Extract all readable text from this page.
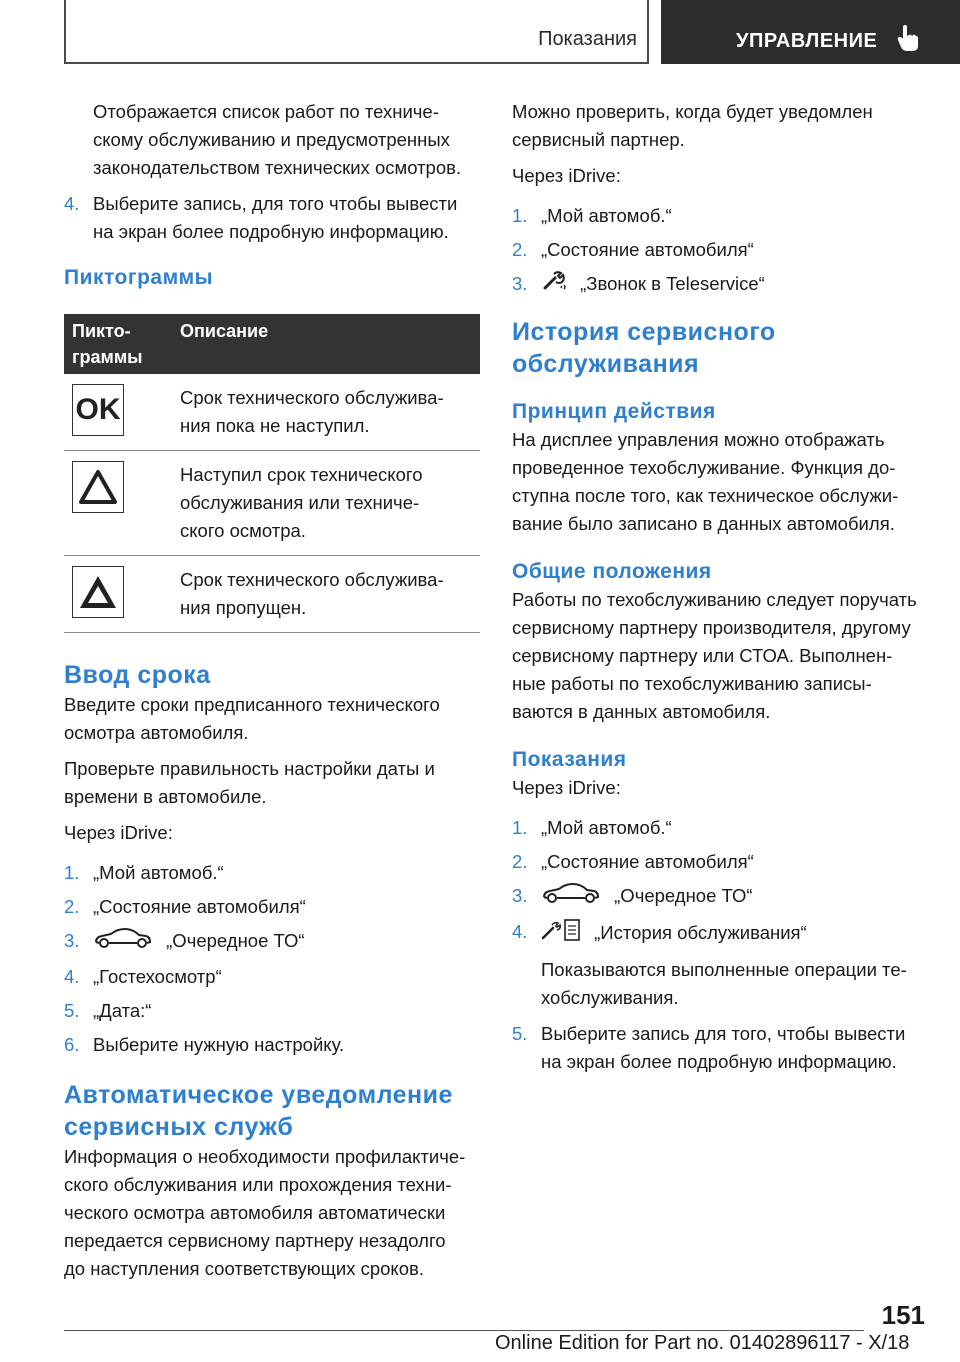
Показания	УПРАВЛЕНИЕ

Отображается список работ по техниче-

скому обслуживанию и предусмотренных

законодательством технических осмотров.

4. Выберите запись, для того чтобы вывести
на экран более подробную информацию.
Пиктограммы
Пикто-
граммы	Описание

OK	Срок технического обслужива-
ния пока не наступил.

Наступил срок технического
обслуживания или техниче-
ского осмотра.

Срок технического обслужива-
ния пропущен.
Ввод срока

Введите сроки предписанного технического

осмотра автомобиля.

Проверьте правильность настройки даты и

времени в автомобиле.

Через iDrive:

1. „Мой автомоб.“
2. „Состояние автомобиля“
3.	„Очередное ТО“
4. „Гостехосмотр“
5. „Дата:“
6. Выберите нужную настройку.
Автоматическое уведомление
сервисных служб

Информация о необходимости профилактиче-

ского обслуживания или прохождения техни-

ческого осмотра автомобиля автоматически

передается сервисному партнеру незадолго

до наступления соответствующих сроков.

Можно проверить, когда будет уведомлен

сервисный партнер.

Через iDrive:

1. „Мой автомоб.“
2. „Состояние автомобиля“
3.	„Звонок в Teleservice“
История сервисного
обслуживания
Принцип действия

На дисплее управления можно отображать

проведенное техобслуживание. Функция до-

ступна после того, как техническое обслужи-

вание было записано в данных автомобиля.

Общие положения

Работы по техобслуживанию следует поручать

сервисному партнеру производителя, другому

сервисному партнеру или СТОА. Выполнен-

ные работы по техобслуживанию записы-

ваются в данных автомобиля.

Показания

Через iDrive:

1. „Мой автомоб.“
2. „Состояние автомобиля“
3.	„Очередное ТО“
4.	„История обслуживания“

Показываются выполненные операции те-

хобслуживания.

5. Выберите запись для того, чтобы вывести
на экран более подробную информацию.
151
Online Edition for Part no. 01402896117 - X/18
